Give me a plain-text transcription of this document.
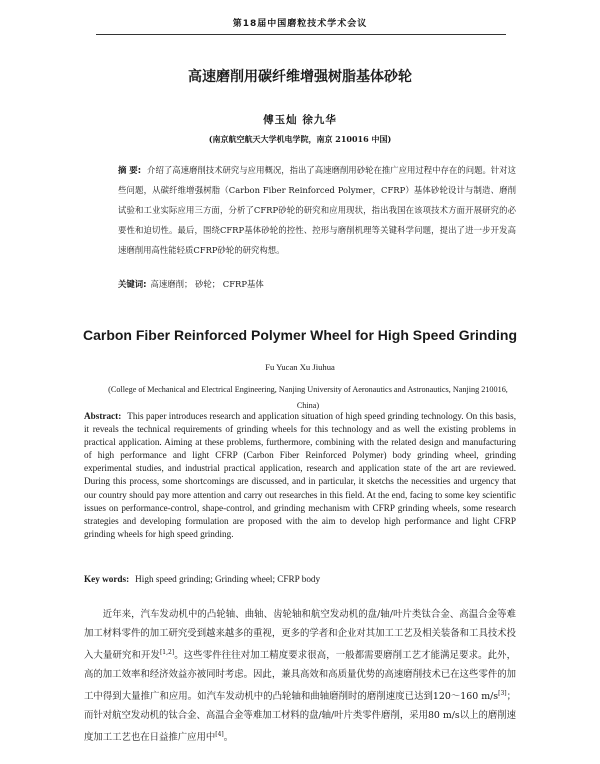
第18届中国磨粒技术学术会议
高速磨削用碳纤维增强树脂基体砂轮
傅玉灿 徐九华
(南京航空航天大学机电学院，南京 210016 中国)

摘 要: 介绍了高速磨削技术研究与应用概况，指出了高速磨削用砂轮在推广应用过程中存在的问题。针对这些问题，从碳纤维增强树脂（Carbon Fiber Reinforced Polymer，CFRP）基体砂轮设计与制造、磨削试验和工业实际应用三方面，分析了CFRP砂轮的研究和应用现状，指出我国在该项技术方面开展研究的必要性和迫切性。最后，围绕CFRP基体砂轮的控性、控形与磨削机理等关键科学问题，提出了进一步开发高速磨削用高性能轻质CFRP砂轮的研究构想。

关键词: 高速磨削； 砂轮； CFRP基体

Carbon Fiber Reinforced Polymer Wheel for High Speed Grinding
Fu Yucan Xu Jiuhua

(College of Mechanical and Electrical Engineering, Nanjing University of Aeronautics and Astronautics, Nanjing 210016, China)

Abstract: This paper introduces research and application situation of high speed grinding technology. On this basis, it reveals the technical requirements of grinding wheels for this technology and as well the existing problems in practical application. Aiming at these problems, furthermore, combining with the related design and manufacturing of high performance and light CFRP (Carbon Fiber Reinforced Polymer) body grinding wheel, grinding experimental studies, and industrial practical application, research and application state of the art are reviewed. During this process, some shortcomings are discussed, and in particular, it sketchs the necessities and urgency that our country should pay more attention and carry out researches in this field. At the end, facing to some key scientific issues on performance-control, shape-control, and grinding mechanism with CFRP grinding wheels, some research strategies and developing formulation are proposed with the aim to develop high performance and light CFRP grinding wheels for high speed grinding.

Key words: High speed grinding; Grinding wheel; CFRP body

近年来，汽车发动机中的凸轮轴、曲轴、齿轮轴和航空发动机的盘/轴/叶片类钛合金、高温合金等难加工材料零件的加工研究受到越来越多的重视，更多的学者和企业对其加工工艺及相关装备和工具技术投入大量研究和开发[1,2]。这些零件往往对加工精度要求很高，一般都需要磨削工艺才能满足要求。此外，高的加工效率和经济效益亦被同时考虑。因此，兼具高效和高质量优势的高速磨削技术已在这些零件的加工中得到大量推广和应用。如汽车发动机中的凸轮轴和曲轴磨削时的磨削速度已达到120～160 m/s[3]；而针对航空发动机的钛合金、高温合金等难加工材料的盘/轴/叶片类零件磨削，采用80 m/s以上的磨削速度加工工艺也在日益推广应用中[4]。
